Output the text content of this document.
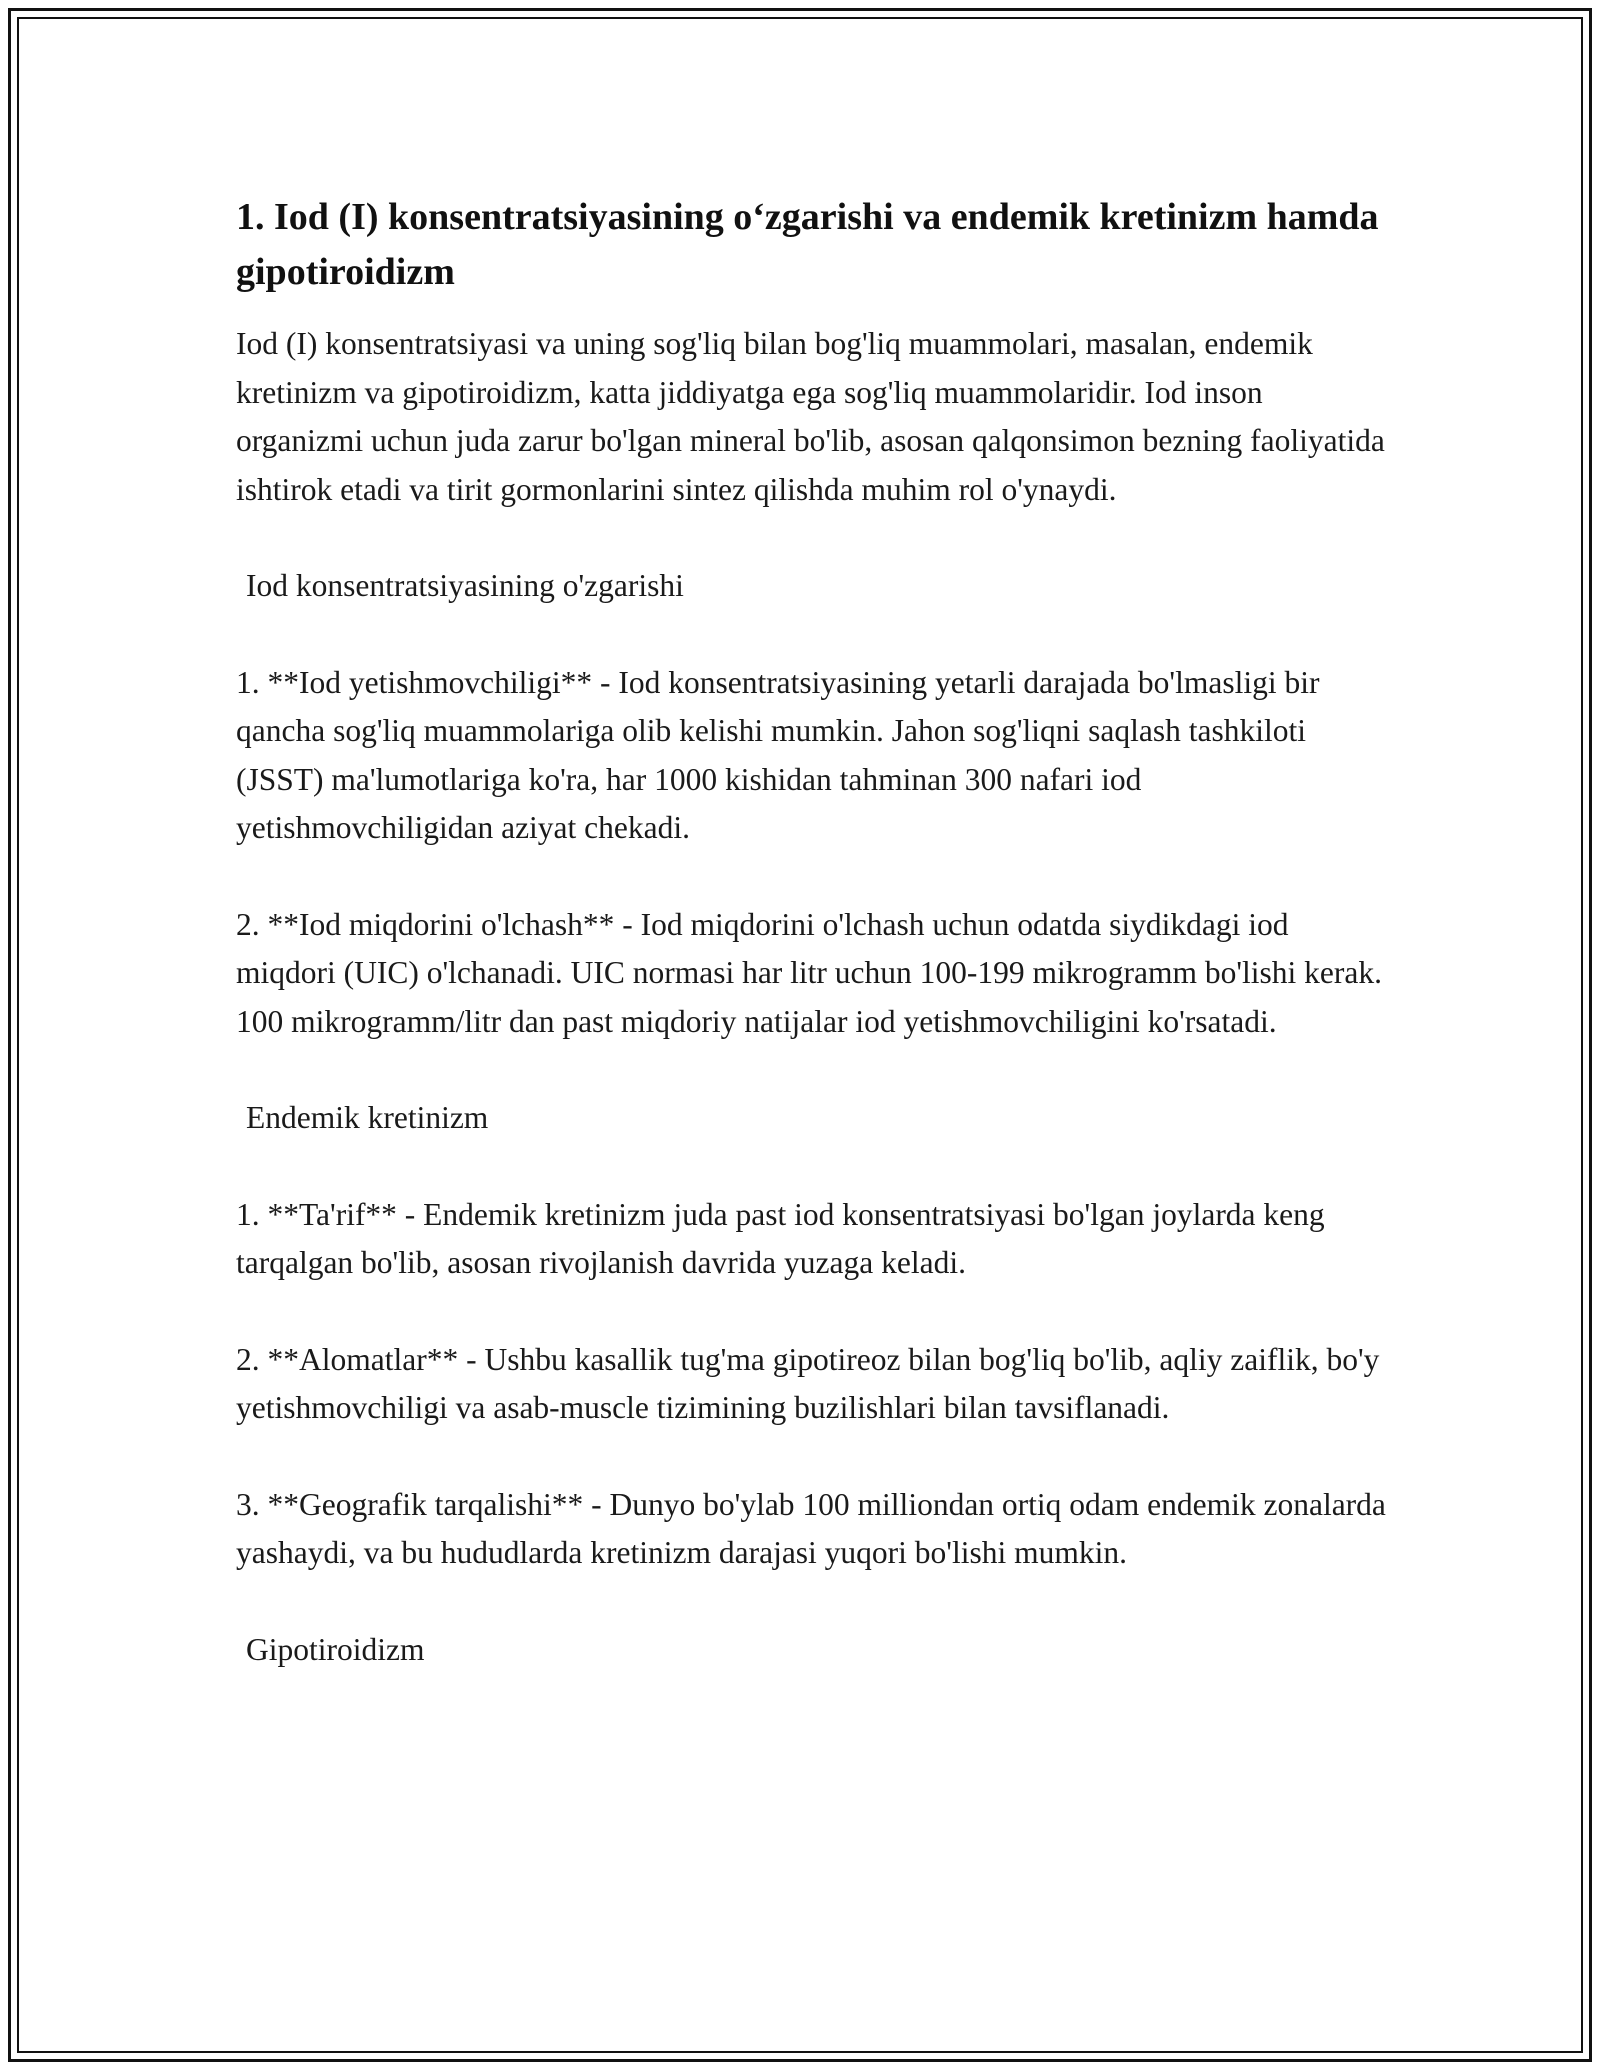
1. Iod (I) konsentratsiyasining o‘zgarishi va endemik kretinizm hamda gipotiroidizm

Iod (I) konsentratsiyasi va uning sog'liq bilan bog'liq muammolari, masalan, endemik kretinizm va gipotiroidizm, katta jiddiyatga ega sog'liq muammolaridir. Iod inson organizmi uchun juda zarur bo'lgan mineral bo'lib, asosan qalqonsimon bezning faoliyatida ishtirok etadi va tirit gormonlarini sintez qilishda muhim rol o'ynaydi.

Iod konsentratsiyasining o'zgarishi

1. **Iod yetishmovchiligi** - Iod konsentratsiyasining yetarli darajada bo'lmasligi bir qancha sog'liq muammolariga olib kelishi mumkin. Jahon sog'liqni saqlash tashkiloti (JSST) ma'lumotlariga ko'ra, har 1000 kishidan tahminan 300 nafari iod yetishmovchiligidan aziyat chekadi.

2. **Iod miqdorini o'lchash** - Iod miqdorini o'lchash uchun odatda siydikdagi iod miqdori (UIC) o'lchanadi. UIC normasi har litr uchun 100-199 mikrogramm bo'lishi kerak. 100 mikrogramm/litr dan past miqdoriy natijalar iod yetishmovchiligini ko'rsatadi.

Endemik kretinizm

1. **Ta'rif** - Endemik kretinizm juda past iod konsentratsiyasi bo'lgan joylarda keng tarqalgan bo'lib, asosan rivojlanish davrida yuzaga keladi.

2. **Alomatlar** - Ushbu kasallik tug'ma gipotireoz bilan bog'liq bo'lib, aqliy zaiflik, bo'y yetishmovchiligi va asab-muscle tizimining buzilishlari bilan tavsiflanadi.

3. **Geografik tarqalishi** - Dunyo bo'ylab 100 milliondan ortiq odam endemik zonalarda yashaydi, va bu hududlarda kretinizm darajasi yuqori bo'lishi mumkin.

Gipotiroidizm
